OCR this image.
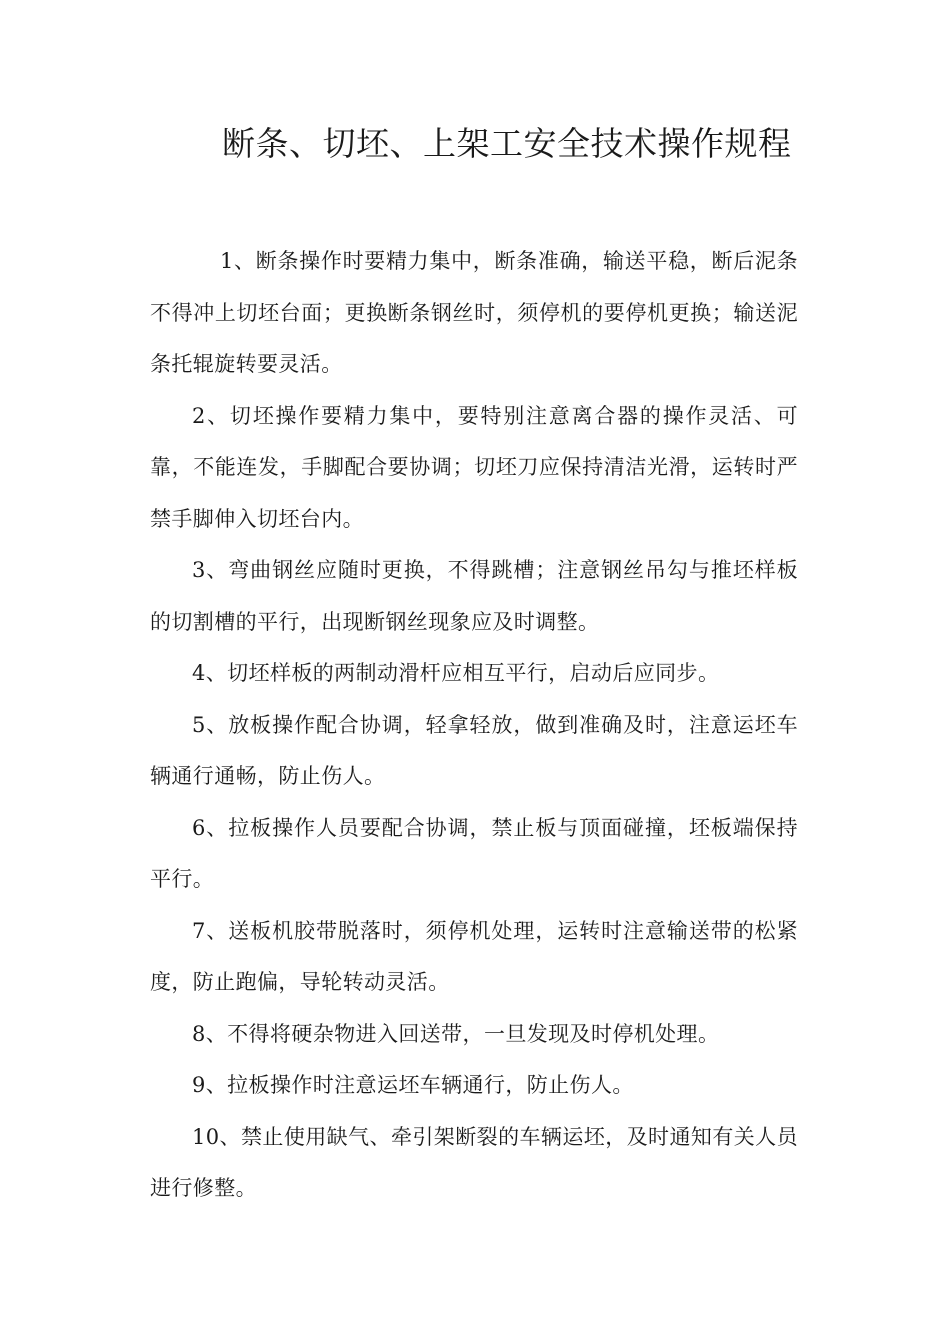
断条、切坯、上架工安全技术操作规程

1、断条操作时要精力集中，断条准确，输送平稳，断后泥条不得冲上切坯台面；更换断条钢丝时，须停机的要停机更换；输送泥条托辊旋转要灵活。

2、切坯操作要精力集中，要特别注意离合器的操作灵活、可靠，不能连发，手脚配合要协调；切坯刀应保持清洁光滑，运转时严禁手脚伸入切坯台内。

3、弯曲钢丝应随时更换，不得跳槽；注意钢丝吊勾与推坯样板的切割槽的平行，出现断钢丝现象应及时调整。

4、切坯样板的两制动滑杆应相互平行，启动后应同步。

5、放板操作配合协调，轻拿轻放，做到准确及时，注意运坯车辆通行通畅，防止伤人。

6、拉板操作人员要配合协调，禁止板与顶面碰撞，坯板端保持平行。

7、送板机胶带脱落时，须停机处理，运转时注意输送带的松紧度，防止跑偏，导轮转动灵活。

8、不得将硬杂物进入回送带，一旦发现及时停机处理。

9、拉板操作时注意运坯车辆通行，防止伤人。

10、禁止使用缺气、牵引架断裂的车辆运坯，及时通知有关人员进行修整。
